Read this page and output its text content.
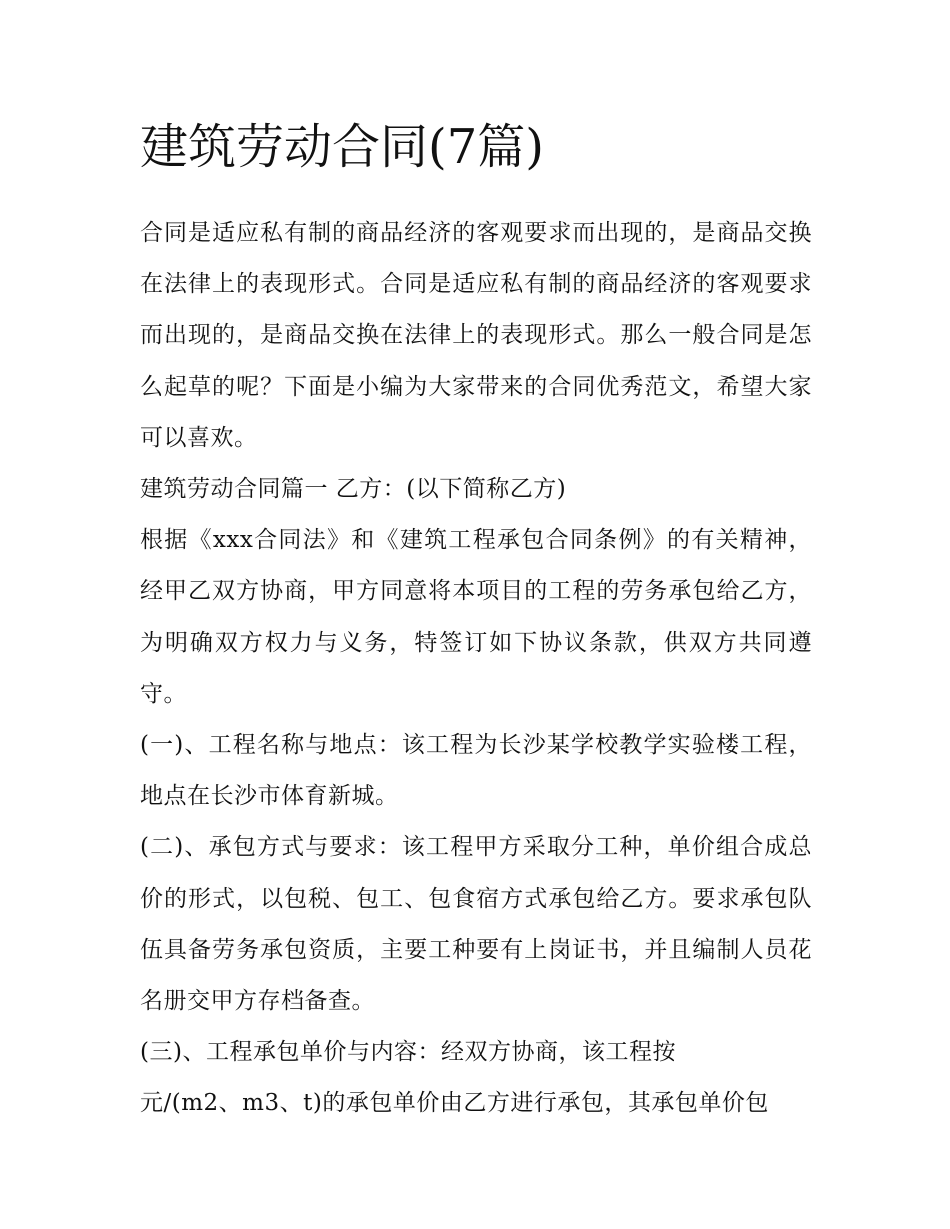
建筑劳动合同(7篇)

合同是适应私有制的商品经济的客观要求而出现的，是商品交换在法律上的表现形式。合同是适应私有制的商品经济的客观要求而出现的，是商品交换在法律上的表现形式。那么一般合同是怎么起草的呢？下面是小编为大家带来的合同优秀范文，希望大家可以喜欢。

建筑劳动合同篇一 乙方：(以下简称乙方)

根据《xxx合同法》和《建筑工程承包合同条例》的有关精神，经甲乙双方协商，甲方同意将本项目的工程的劳务承包给乙方，为明确双方权力与义务，特签订如下协议条款，供双方共同遵守。

(一)、工程名称与地点：该工程为长沙某学校教学实验楼工程，地点在长沙市体育新城。

(二)、承包方式与要求：该工程甲方采取分工种，单价组合成总价的形式，以包税、包工、包食宿方式承包给乙方。要求承包队伍具备劳务承包资质，主要工种要有上岗证书，并且编制人员花名册交甲方存档备查。

(三)、工程承包单价与内容：经双方协商，该工程按

元/(m2、m3、t)的承包单价由乙方进行承包，其承包单价包
